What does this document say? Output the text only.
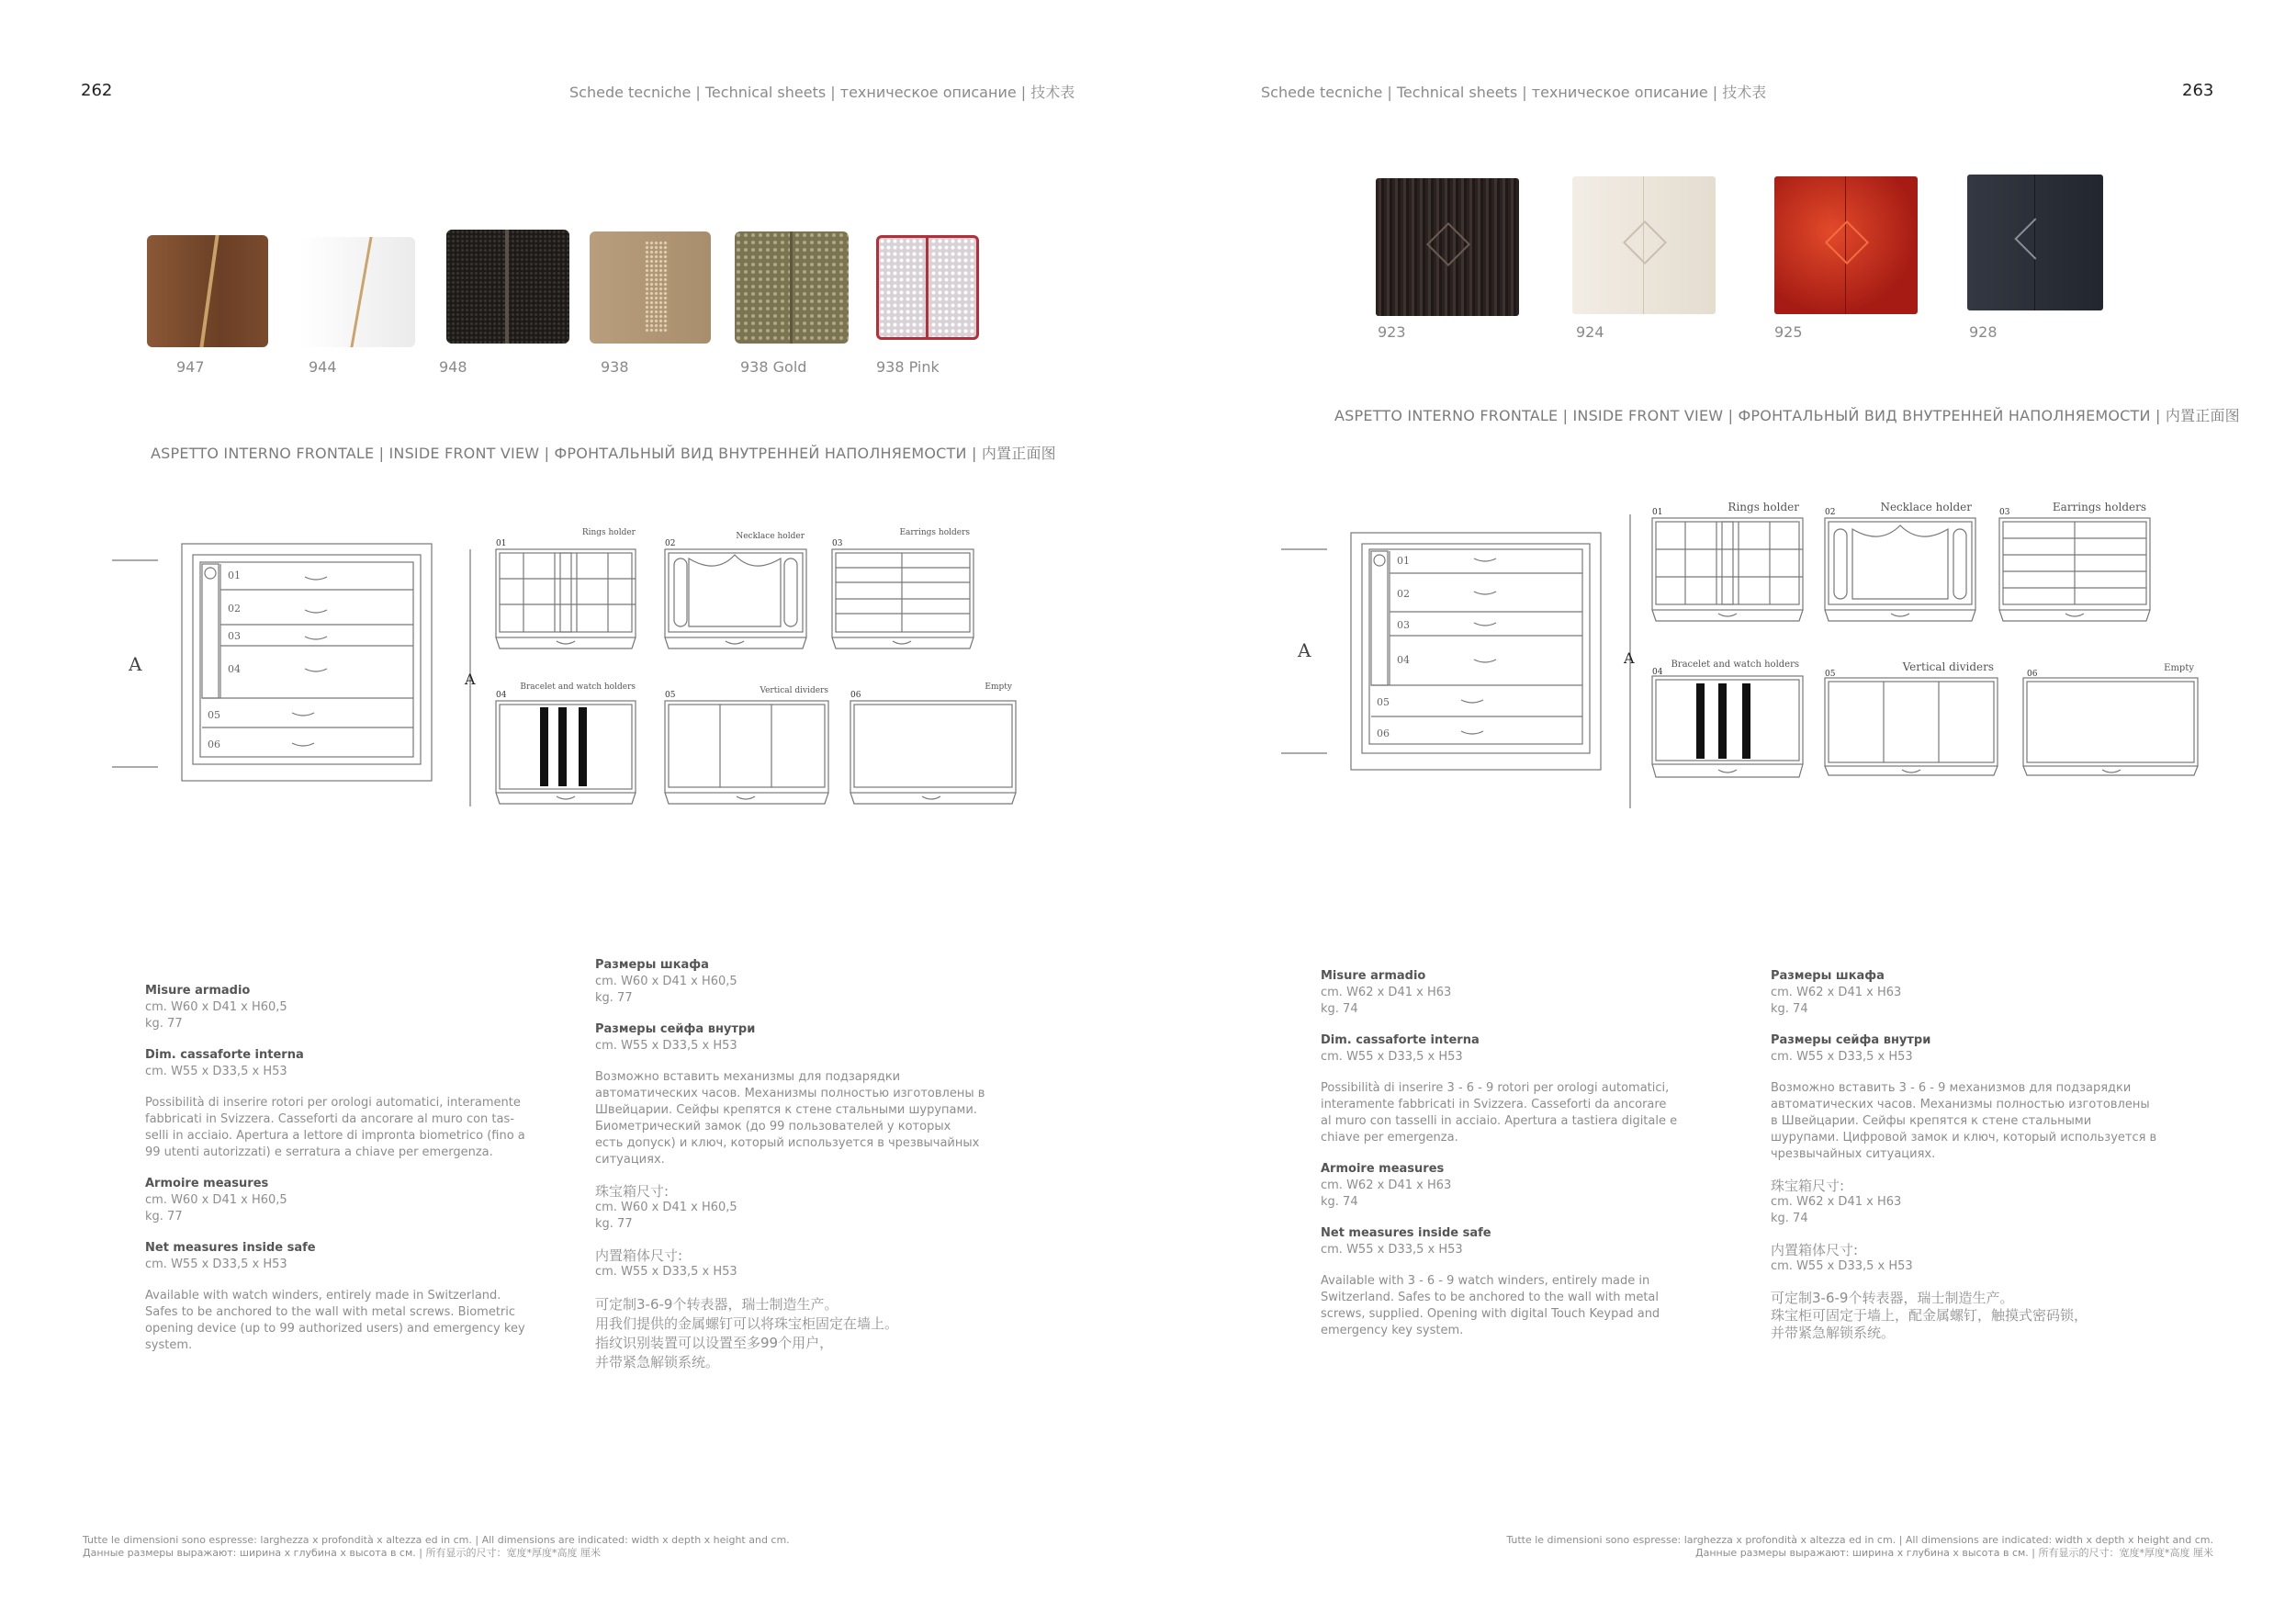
262	Schede tecniche | Technical sheets | техническое описание | 技术表
947	944	948	938	938 Gold	938 Pink
ASPETTO INTERNO FRONTALE | INSIDE FRONT VIEW | ФРОНТАЛЬНЫЙ ВИД ВНУТРЕННЕЙ НАПОЛНЯЕМОСТИ | 内置正面图
A
A
01
02
03
04
05
06
01	02	03
04	05	06
Rings holder	Necklace holder	Earrings holders
Bracelet and watch holders	Vertical dividers	Empty
Misure armadio
cm. W60 x D41 x H60,5
kg. 77
Dim. cassaforte interna
cm. W55 x D33,5 x H53
Possibilità di inserire rotori per orologi automatici, interamente
fabbricati in Svizzera. Casseforti da ancorare al muro con tas-
selli in acciaio. Apertura a lettore di impronta biometrico (fino a
99 utenti autorizzati) e serratura a chiave per emergenza.
Armoire measures
cm. W60 x D41 x H60,5
kg. 77
Net measures inside safe
cm. W55 x D33,5 x H53
Available with watch winders, entirely made in Switzerland.
Safes to be anchored to the wall with metal screws. Biometric
opening device (up to 99 authorized users) and emergency key
system.
Размеры шкафа
cm. W60 x D41 x H60,5
kg. 77
Размеры сейфа внутри
cm. W55 x D33,5 x H53
Возможно вставить механизмы для подзарядки
автоматических часов. Механизмы полностью изготовлены в
Швейцарии. Сейфы крепятся к стене стальными шурупами.
Биометрический замок (до 99 пользователей у которых
есть допуск) и ключ, который используется в чрезвычайных
ситуациях.
珠宝箱尺寸:
cm. W60 x D41 x H60,5
kg. 77
内置箱体尺寸:
cm. W55 x D33,5 x H53
可定制3-6-9个转表器，瑞士制造生产。
用我们提供的金属螺钉可以将珠宝柜固定在墙上。
指纹识别装置可以设置至多99个用户，
并带紧急解锁系统。
Tutte le dimensioni sono espresse: larghezza x profondità x altezza ed in cm. | All dimensions are indicated: width x depth x height and cm.
Данные размеры выражают: ширина х глубина х высота в см. | 所有显示的尺寸：宽度*厚度*高度 厘米
Schede tecniche | Technical sheets | техническое описание | 技术表	263
923	924	925	928
ASPETTO INTERNO FRONTALE | INSIDE FRONT VIEW | ФРОНТАЛЬНЫЙ ВИД ВНУТРЕННЕЙ НАПОЛНЯЕМОСТИ | 内置正面图
A	A
01
02
03
04
05
06
01	02	03
04	05	06
Rings holder	Necklace holder	Earrings holders
Bracelet and watch holders	Vertical dividers	Empty
Misure armadio
cm. W62 x D41 x H63
kg. 74
Dim. cassaforte interna
cm. W55 x D33,5 x H53
Possibilità di inserire 3 - 6 - 9 rotori per orologi automatici,
interamente fabbricati in Svizzera. Casseforti da ancorare
al muro con tasselli in acciaio. Apertura a tastiera digitale e
chiave per emergenza.
Armoire measures
cm. W62 x D41 x H63
kg. 74
Net measures inside safe
cm. W55 x D33,5 x H53
Available with 3 - 6 - 9 watch winders, entirely made in
Switzerland. Safes to be anchored to the wall with metal
screws, supplied. Opening with digital Touch Keypad and
emergency key system.
Размеры шкафа
cm. W62 x D41 x H63
kg. 74
Размеры сейфа внутри
cm. W55 x D33,5 x H53
Возможно вставить 3 - 6 - 9 механизмов для подзарядки
автоматических часов. Механизмы полностью изготовлены
в Швейцарии. Сейфы крепятся к стене стальными
шурупами. Цифровой замок и ключ, который используется в
чрезвычайных ситуациях.
珠宝箱尺寸:
cm. W62 x D41 x H63
kg. 74
内置箱体尺寸:
cm. W55 x D33,5 x H53
可定制3-6-9个转表器，瑞士制造生产。
珠宝柜可固定于墙上，配金属螺钉，触摸式密码锁，
并带紧急解锁系统。
Tutte le dimensioni sono espresse: larghezza x profondità x altezza ed in cm. | All dimensions are indicated: width x depth x height and cm.
Данные размеры выражают: ширина х глубина х высота в см. | 所有显示的尺寸：宽度*厚度*高度 厘米
